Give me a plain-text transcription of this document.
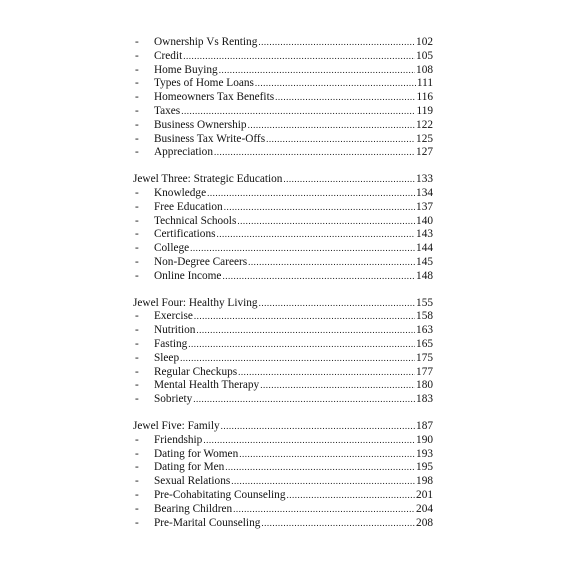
-	Ownership Vs Renting .....	102
-	Credit .....	105
-	Home Buying .....	108
-	Types of Home Loans .....	111
-	Homeowners Tax Benefits .....	116
-	Taxes .....	119
-	Business Ownership .....	122
-	Business Tax Write-Offs .....	125
-	Appreciation .....	127
Jewel Three: Strategic Education .....	133
-	Knowledge .....	134
-	Free Education .....	137
-	Technical Schools .....	140
-	Certifications .....	143
-	College .....	144
-	Non-Degree Careers .....	145
-	Online Income .....	148
Jewel Four: Healthy Living .....	155
-	Exercise .....	158
-	Nutrition .....	163
-	Fasting .....	165
-	Sleep .....	175
-	Regular Checkups .....	177
-	Mental Health Therapy .....	180
-	Sobriety .....	183
Jewel Five: Family .....	187
-	Friendship .....	190
-	Dating for Women .....	193
-	Dating for Men .....	195
-	Sexual Relations .....	198
-	Pre-Cohabitating Counseling .....	201
-	Bearing Children .....	204
-	Pre-Marital Counseling .....	208
